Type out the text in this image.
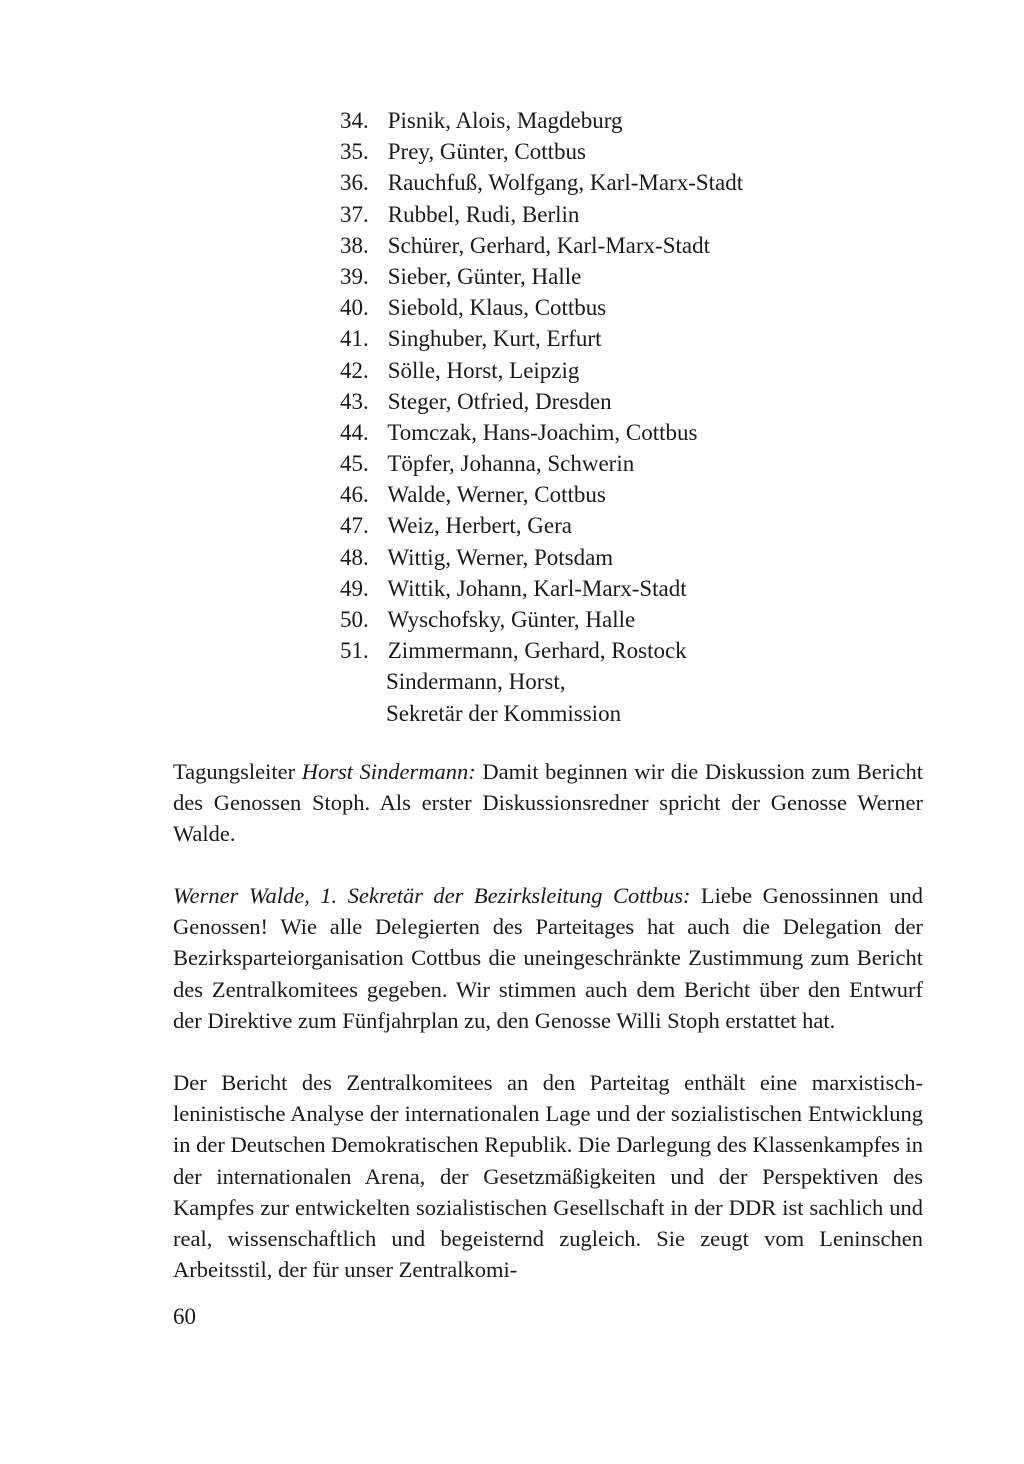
34. Pisnik, Alois, Magdeburg
35. Prey, Günter, Cottbus
36. Rauchfuß, Wolfgang, Karl-Marx-Stadt
37. Rubbel, Rudi, Berlin
38. Schürer, Gerhard, Karl-Marx-Stadt
39. Sieber, Günter, Halle
40. Siebold, Klaus, Cottbus
41. Singhuber, Kurt, Erfurt
42. Sölle, Horst, Leipzig
43. Steger, Otfried, Dresden
44. Tomczak, Hans-Joachim, Cottbus
45. Töpfer, Johanna, Schwerin
46. Walde, Werner, Cottbus
47. Weiz, Herbert, Gera
48. Wittig, Werner, Potsdam
49. Wittik, Johann, Karl-Marx-Stadt
50. Wyschofsky, Günter, Halle
51. Zimmermann, Gerhard, Rostock
Sindermann, Horst,
Sekretär der Kommission

Tagungsleiter Horst Sindermann: Damit beginnen wir die Diskussion zum Bericht des Genossen Stoph. Als erster Diskussionsredner spricht der Genosse Werner Walde.

Werner Walde, 1. Sekretär der Bezirksleitung Cottbus: Liebe Genossinnen und Genossen! Wie alle Delegierten des Parteitages hat auch die Delegation der Bezirksparteiorganisation Cottbus die uneingeschränkte Zustimmung zum Bericht des Zentralkomitees gegeben. Wir stimmen auch dem Bericht über den Entwurf der Direktive zum Fünfjahrplan zu, den Genosse Willi Stoph erstattet hat.

Der Bericht des Zentralkomitees an den Parteitag enthält eine marxistisch-leninistische Analyse der internationalen Lage und der sozialistischen Entwicklung in der Deutschen Demokratischen Republik. Die Darlegung des Klassenkampfes in der internationalen Arena, der Gesetzmäßigkeiten und der Perspektiven des Kampfes zur entwickelten sozialistischen Gesellschaft in der DDR ist sachlich und real, wissenschaftlich und begeisternd zugleich. Sie zeugt vom Leninschen Arbeitsstil, der für unser Zentralkomi-

60
